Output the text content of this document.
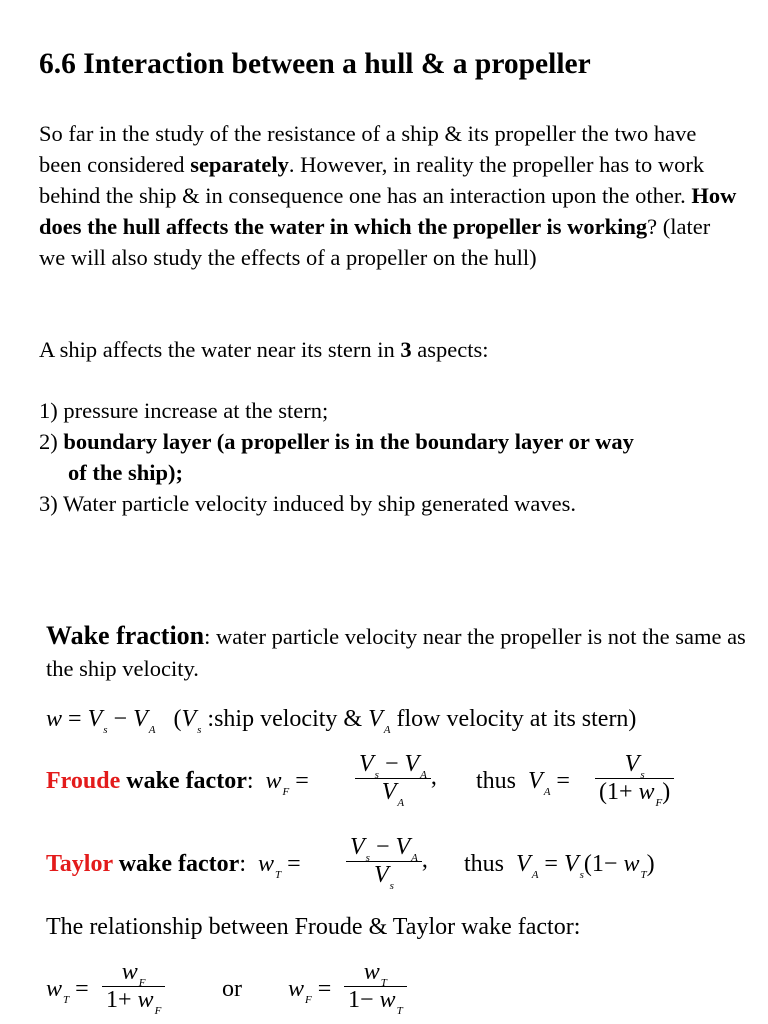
6.6 Interaction between a hull & a propeller

So far in the study of the resistance of a ship & its propeller the two have been considered separately. However, in reality the propeller has to work behind the ship & in consequence one has an interaction upon the other. How does the hull affects the water in which the propeller is working? (later we will also study the effects of a propeller on the hull)

A ship affects the water near its stern in 3 aspects:

1) pressure increase at the stern;
2) boundary layer (a propeller is in the boundary layer or way
of the ship);
3) Water particle velocity induced by ship generated waves.

Wake fraction: water particle velocity near the propeller is not the same as the ship velocity.

$w = V_s - V_A$ ($V_s$ :ship velocity & $V_A$ flow velocity at its stern)
Froude wake factor: $w_F = \frac{V_s - V_A}{V_A}$ , thus $V_A = \frac{V_s}{(1+ w_F)}$
Taylor wake factor: $w_T = \frac{V_s - V_A}{V_s}$ , thus $V_A = V_s(1- w_T)$
The relationship between Froude & Taylor wake factor:
$w_T = \frac{w_F}{1+ w_F}$ or $w_F = \frac{w_T}{1- w_T}$
